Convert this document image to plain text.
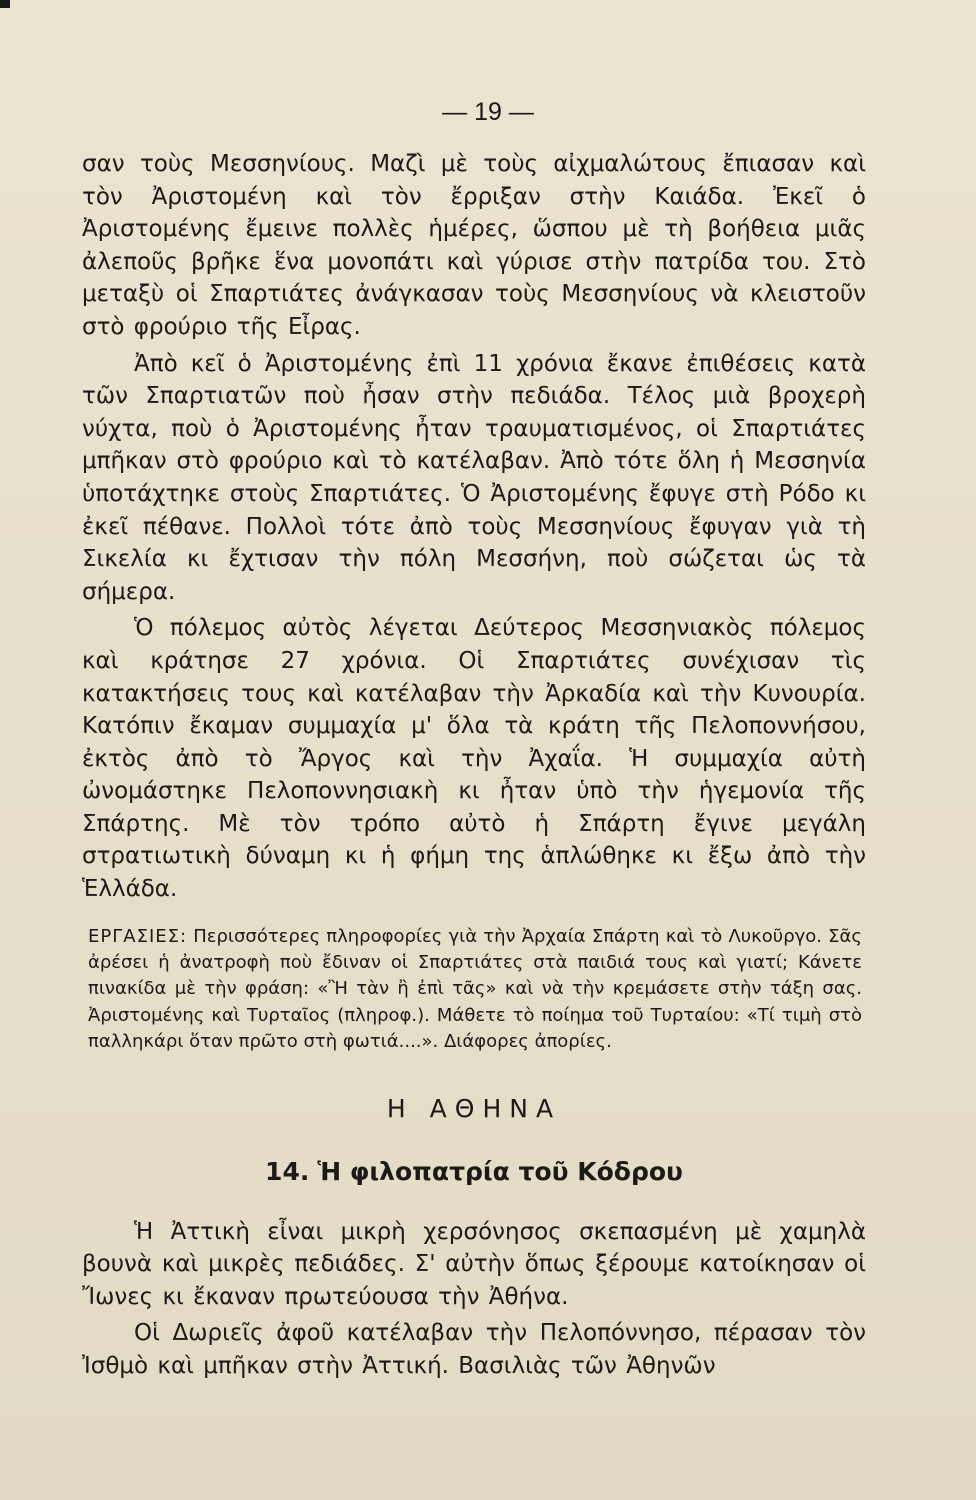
— 19 —

σαν τοὺς Μεσσηνίους. Μαζὶ μὲ τοὺς αἰχμαλώτους ἔπιασαν καὶ τὸν Ἀριστομένη καὶ τὸν ἔρριξαν στὴν Καιάδα. Ἐκεῖ ὁ Ἀριστομένης ἔμεινε πολλὲς ἡμέρες, ὥσπου μὲ τὴ βοήθεια μιᾶς ἀλεποῦς βρῆκε ἕνα μονοπάτι καὶ γύρισε στὴν πατρίδα του. Στὸ μεταξὺ οἱ Σπαρτιάτες ἀνάγκασαν τοὺς Μεσσηνίους νὰ κλειστοῦν στὸ φρούριο τῆς Εἶρας.

Ἀπὸ κεῖ ὁ Ἀριστομένης ἐπὶ 11 χρόνια ἔκανε ἐπιθέσεις κατὰ τῶν Σπαρτιατῶν ποὺ ἦσαν στὴν πεδιάδα. Τέλος μιὰ βροχερὴ νύχτα, ποὺ ὁ Ἀριστομένης ἦταν τραυματισμένος, οἱ Σπαρτιάτες μπῆκαν στὸ φρούριο καὶ τὸ κατέλαβαν. Ἀπὸ τότε ὅλη ἡ Μεσσηνία ὑποτάχτηκε στοὺς Σπαρτιάτες. Ὁ Ἀριστομένης ἔφυγε στὴ Ρόδο κι ἐκεῖ πέθανε. Πολλοὶ τότε ἀπὸ τοὺς Μεσσηνίους ἔφυγαν γιὰ τὴ Σικελία κι ἔχτισαν τὴν πόλη Μεσσήνη, ποὺ σώζεται ὡς τὰ σήμερα.

Ὁ πόλεμος αὐτὸς λέγεται Δεύτερος Μεσσηνιακὸς πόλεμος καὶ κράτησε 27 χρόνια. Οἱ Σπαρτιάτες συνέχισαν τὶς κατακτήσεις τους καὶ κατέλαβαν τὴν Ἀρκαδία καὶ τὴν Κυνουρία. Κατόπιν ἔκαμαν συμμαχία μ' ὅλα τὰ κράτη τῆς Πελοποννήσου, ἐκτὸς ἀπὸ τὸ Ἄργος καὶ τὴν Ἀχαΐα. Ἡ συμμαχία αὐτὴ ὠνομάστηκε Πελοποννησιακὴ κι ἦταν ὑπὸ τὴν ἡγεμονία τῆς Σπάρτης. Μὲ τὸν τρόπο αὐτὸ ἡ Σπάρτη ἔγινε μεγάλη στρατιωτικὴ δύναμη κι ἡ φήμη της ἁπλώθηκε κι ἔξω ἀπὸ τὴν Ἑλλάδα.

ΕΡΓΑΣΙΕΣ: Περισσότερες πληροφορίες γιὰ τὴν Ἀρχαία Σπάρτη καὶ τὸ Λυκοῦργο. Σᾶς ἀρέσει ἡ ἀνατροφὴ ποὺ ἔδιναν οἱ Σπαρτιάτες στὰ παιδιά τους καὶ γιατί; Κάνετε πινακίδα μὲ τὴν φράση: «Ἢ τὰν ἢ ἐπὶ τᾶς» καὶ νὰ τὴν κρεμάσετε στὴν τάξη σας. Ἀριστομένης καὶ Τυρταῖος (πληροφ.). Μάθετε τὸ ποίημα τοῦ Τυρταίου: «Τί τιμὴ στὸ παλληκάρι ὅταν πρῶτο στὴ φωτιά....». Διάφορες ἀπορίες.
Η ΑΘΗΝΑ
14. Ἡ φιλοπατρία τοῦ Κόδρου

Ἡ Ἀττικὴ εἶναι μικρὴ χερσόνησος σκεπασμένη μὲ χαμηλὰ βουνὰ καὶ μικρὲς πεδιάδες. Σ' αὐτὴν ὅπως ξέρουμε κατοίκησαν οἱ Ἴωνες κι ἔκαναν πρωτεύουσα τὴν Ἀθήνα.

Οἱ Δωριεῖς ἀφοῦ κατέλαβαν τὴν Πελοπόννησο, πέρασαν τὸν Ἰσθμὸ καὶ μπῆκαν στὴν Ἀττική. Βασιλιὰς τῶν Ἀθηνῶν
